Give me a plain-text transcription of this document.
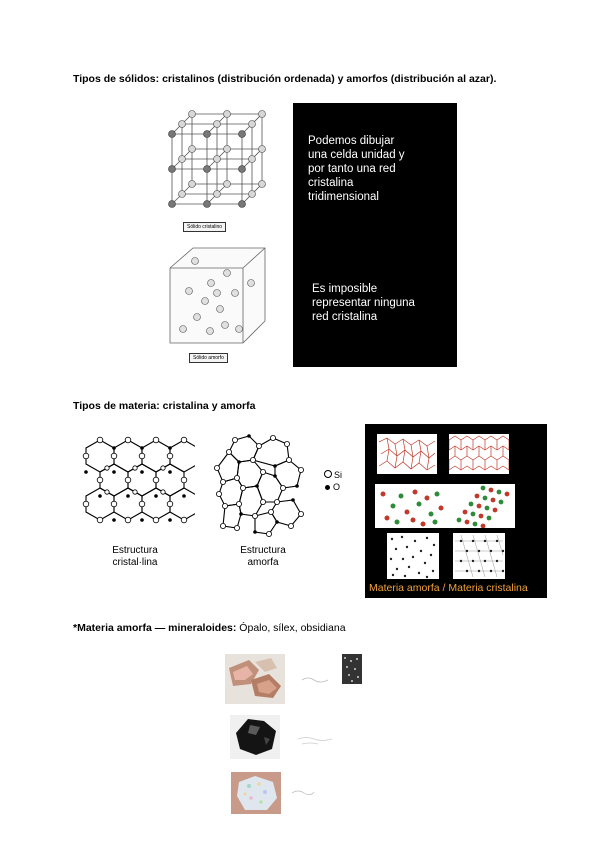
Tipos de sólidos: cristalinos (distribución ordenada) y amorfos (distribución al azar).
Sólido cristalino
Sólido amorfo
Podemos dibujar
una celda unidad y
por tanto una red
cristalina
tridimensional
Es imposible
representar ninguna
red cristalina
Tipos de materia: cristalina y amorfa
Estructura
cristal·lina
Estructura
amorfa
Si
O
Materia amorfa / Materia cristalina
*Materia amorfa — mineraloides: Ópalo, sílex, obsidiana
